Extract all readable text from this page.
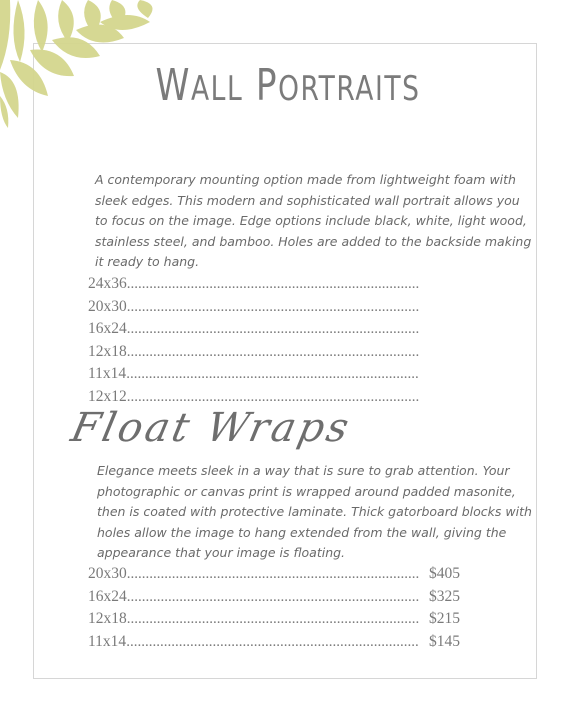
WALL PORTRAITS

A contemporary mounting option made from lightweight foam with sleek edges. This modern and sophisticated wall portrait allows you to focus on the image. Edge options include black, white, light wood, stainless steel, and bamboo. Holes are added to the backside making it ready to hang.

24x36 ..............................................................................
20x30 ..............................................................................
16x24 ..............................................................................
12x18 ..............................................................................
11x14 ..............................................................................
12x12 ..............................................................................
Float Wraps

Elegance meets sleek in a way that is sure to grab attention. Your photographic or canvas print is wrapped around padded masonite, then is coated with protective laminate. Thick gatorboard blocks with holes allow the image to hang extended from the wall, giving the appearance that your image is floating.

20x30 .............................................................................. $405
16x24 .............................................................................. $325
12x18 .............................................................................. $215
11x14 .............................................................................. $145
